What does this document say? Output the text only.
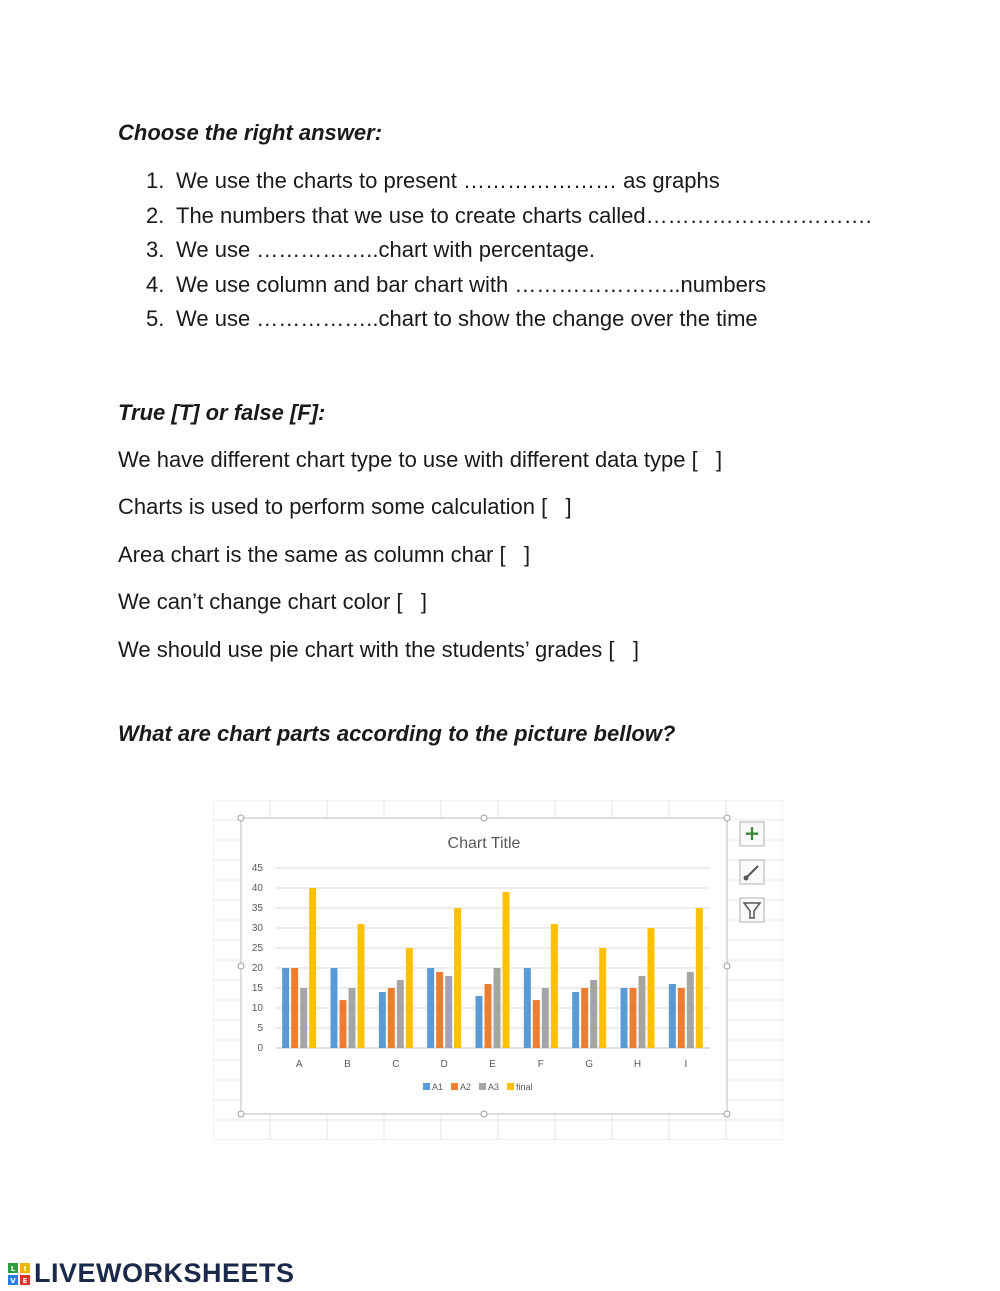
Choose the right answer:

1. We use the charts to present ………………… as graphs
2. The numbers that we use to create charts called………………………….
3. We use ……………..chart with percentage.
4. We use column and bar chart with …………………..numbers
5. We use ……………..chart to show the change over the time

True [T] or false [F]:

We have different chart type to use with different data type [   ]

Charts is used to perform some calculation [   ]

Area chart is the same as column char [   ]

We can’t change chart color [   ]

We should use pie chart with the students’ grades [   ]

What are chart parts according to the picture bellow?

Chart Title
0
5
10
15
20
25
30
35
40
45
A	B	C	D	E	F	G	H	I
A1 A2 A3 final
+
L I
V E LIVEWORKSHEETS
